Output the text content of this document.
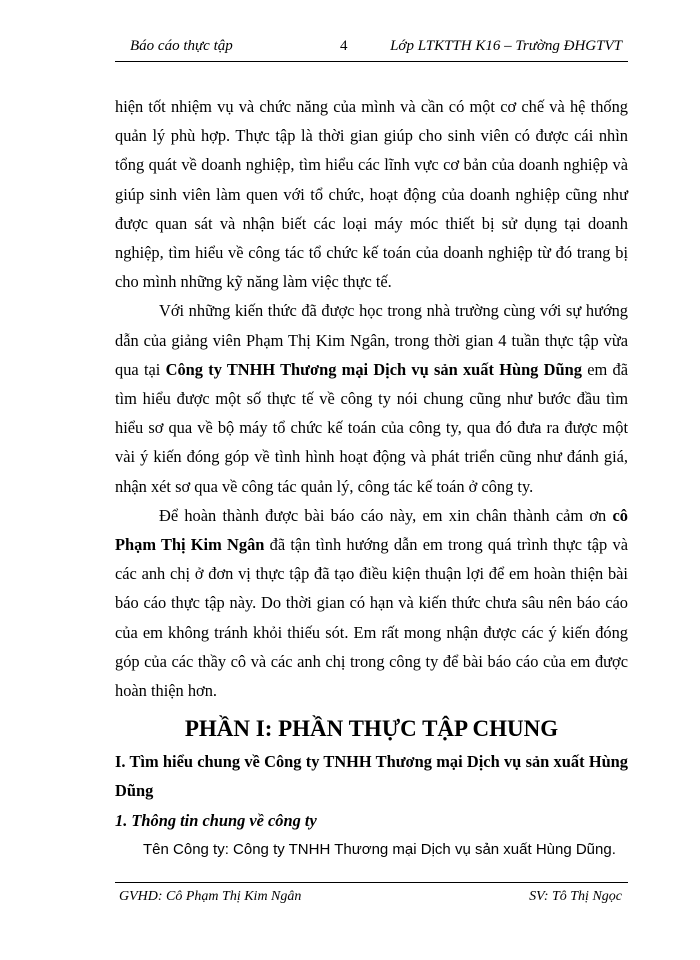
Báo cáo thực tập	4	Lớp LTKTTH K16 – Trường ĐHGTVT

hiện tốt nhiệm vụ và chức năng của mình và cần có một cơ chế và hệ thống quản lý phù hợp. Thực tập là thời gian giúp cho sinh viên có được cái nhìn tổng quát về doanh nghiệp, tìm hiểu các lĩnh vực cơ bản của doanh nghiệp và giúp sinh viên làm quen với tổ chức, hoạt động của doanh nghiệp cũng như được quan sát và nhận biết các loại máy móc thiết bị sử dụng tại doanh nghiệp, tìm hiểu về công tác tổ chức kế toán của doanh nghiệp từ đó trang bị cho mình những kỹ năng làm việc thực tế.

Với những kiến thức đã được học trong nhà trường cùng với sự hướng dẫn của giảng viên Phạm Thị Kim Ngân, trong thời gian 4 tuần thực tập vừa qua tại Công ty TNHH Thương mại Dịch vụ sản xuất Hùng Dũng em đã tìm hiểu được một số thực tế về công ty nói chung cũng như bước đầu tìm hiểu sơ qua về bộ máy tổ chức kế toán của công ty, qua đó đưa ra được một vài ý kiến đóng góp về tình hình hoạt động và phát triển cũng như đánh giá, nhận xét sơ qua về công tác quản lý, công tác kế toán ở công ty.

Để hoàn thành được bài báo cáo này, em xin chân thành cảm ơn cô Phạm Thị Kim Ngân đã tận tình hướng dẫn em trong quá trình thực tập và các anh chị ở đơn vị thực tập đã tạo điều kiện thuận lợi để em hoàn thiện bài báo cáo thực tập này. Do thời gian có hạn và kiến thức chưa sâu nên báo cáo của em không tránh khỏi thiếu sót. Em rất mong nhận được các ý kiến đóng góp của các thầy cô và các anh chị trong công ty để bài báo cáo của em được hoàn thiện hơn.

PHẦN I: PHẦN THỰC TẬP CHUNG
I. Tìm hiểu chung về Công ty TNHH Thương mại Dịch vụ sản xuất Hùng Dũng
1. Thông tin chung về công ty
Tên Công ty: Công ty TNHH Thương mại Dịch vụ sản xuất Hùng Dũng.
GVHD: Cô Phạm Thị Kim Ngân	SV: Tô Thị Ngọc
